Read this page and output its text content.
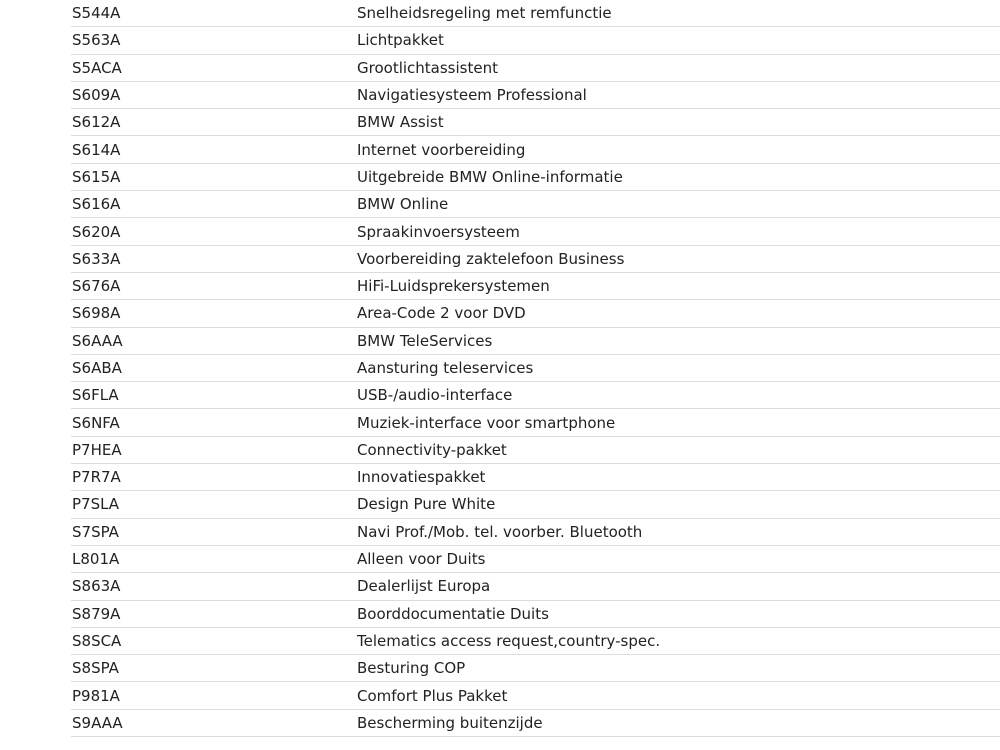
S544A	Snelheidsregeling met remfunctie
S563A	Lichtpakket
S5ACA	Grootlichtassistent
S609A	Navigatiesysteem Professional
S612A	BMW Assist
S614A	Internet voorbereiding
S615A	Uitgebreide BMW Online-informatie
S616A	BMW Online
S620A	Spraakinvoersysteem
S633A	Voorbereiding zaktelefoon Business
S676A	HiFi-Luidsprekersystemen
S698A	Area-Code 2 voor DVD
S6AAA	BMW TeleServices
S6ABA	Aansturing teleservices
S6FLA	USB-/audio-interface
S6NFA	Muziek-interface voor smartphone
P7HEA	Connectivity-pakket
P7R7A	Innovatiespakket
P7SLA	Design Pure White
S7SPA	Navi Prof./Mob. tel. voorber. Bluetooth
L801A	Alleen voor Duits
S863A	Dealerlijst Europa
S879A	Boorddocumentatie Duits
S8SCA	Telematics access request,country-spec.
S8SPA	Besturing COP
P981A	Comfort Plus Pakket
S9AAA	Bescherming buitenzijde
